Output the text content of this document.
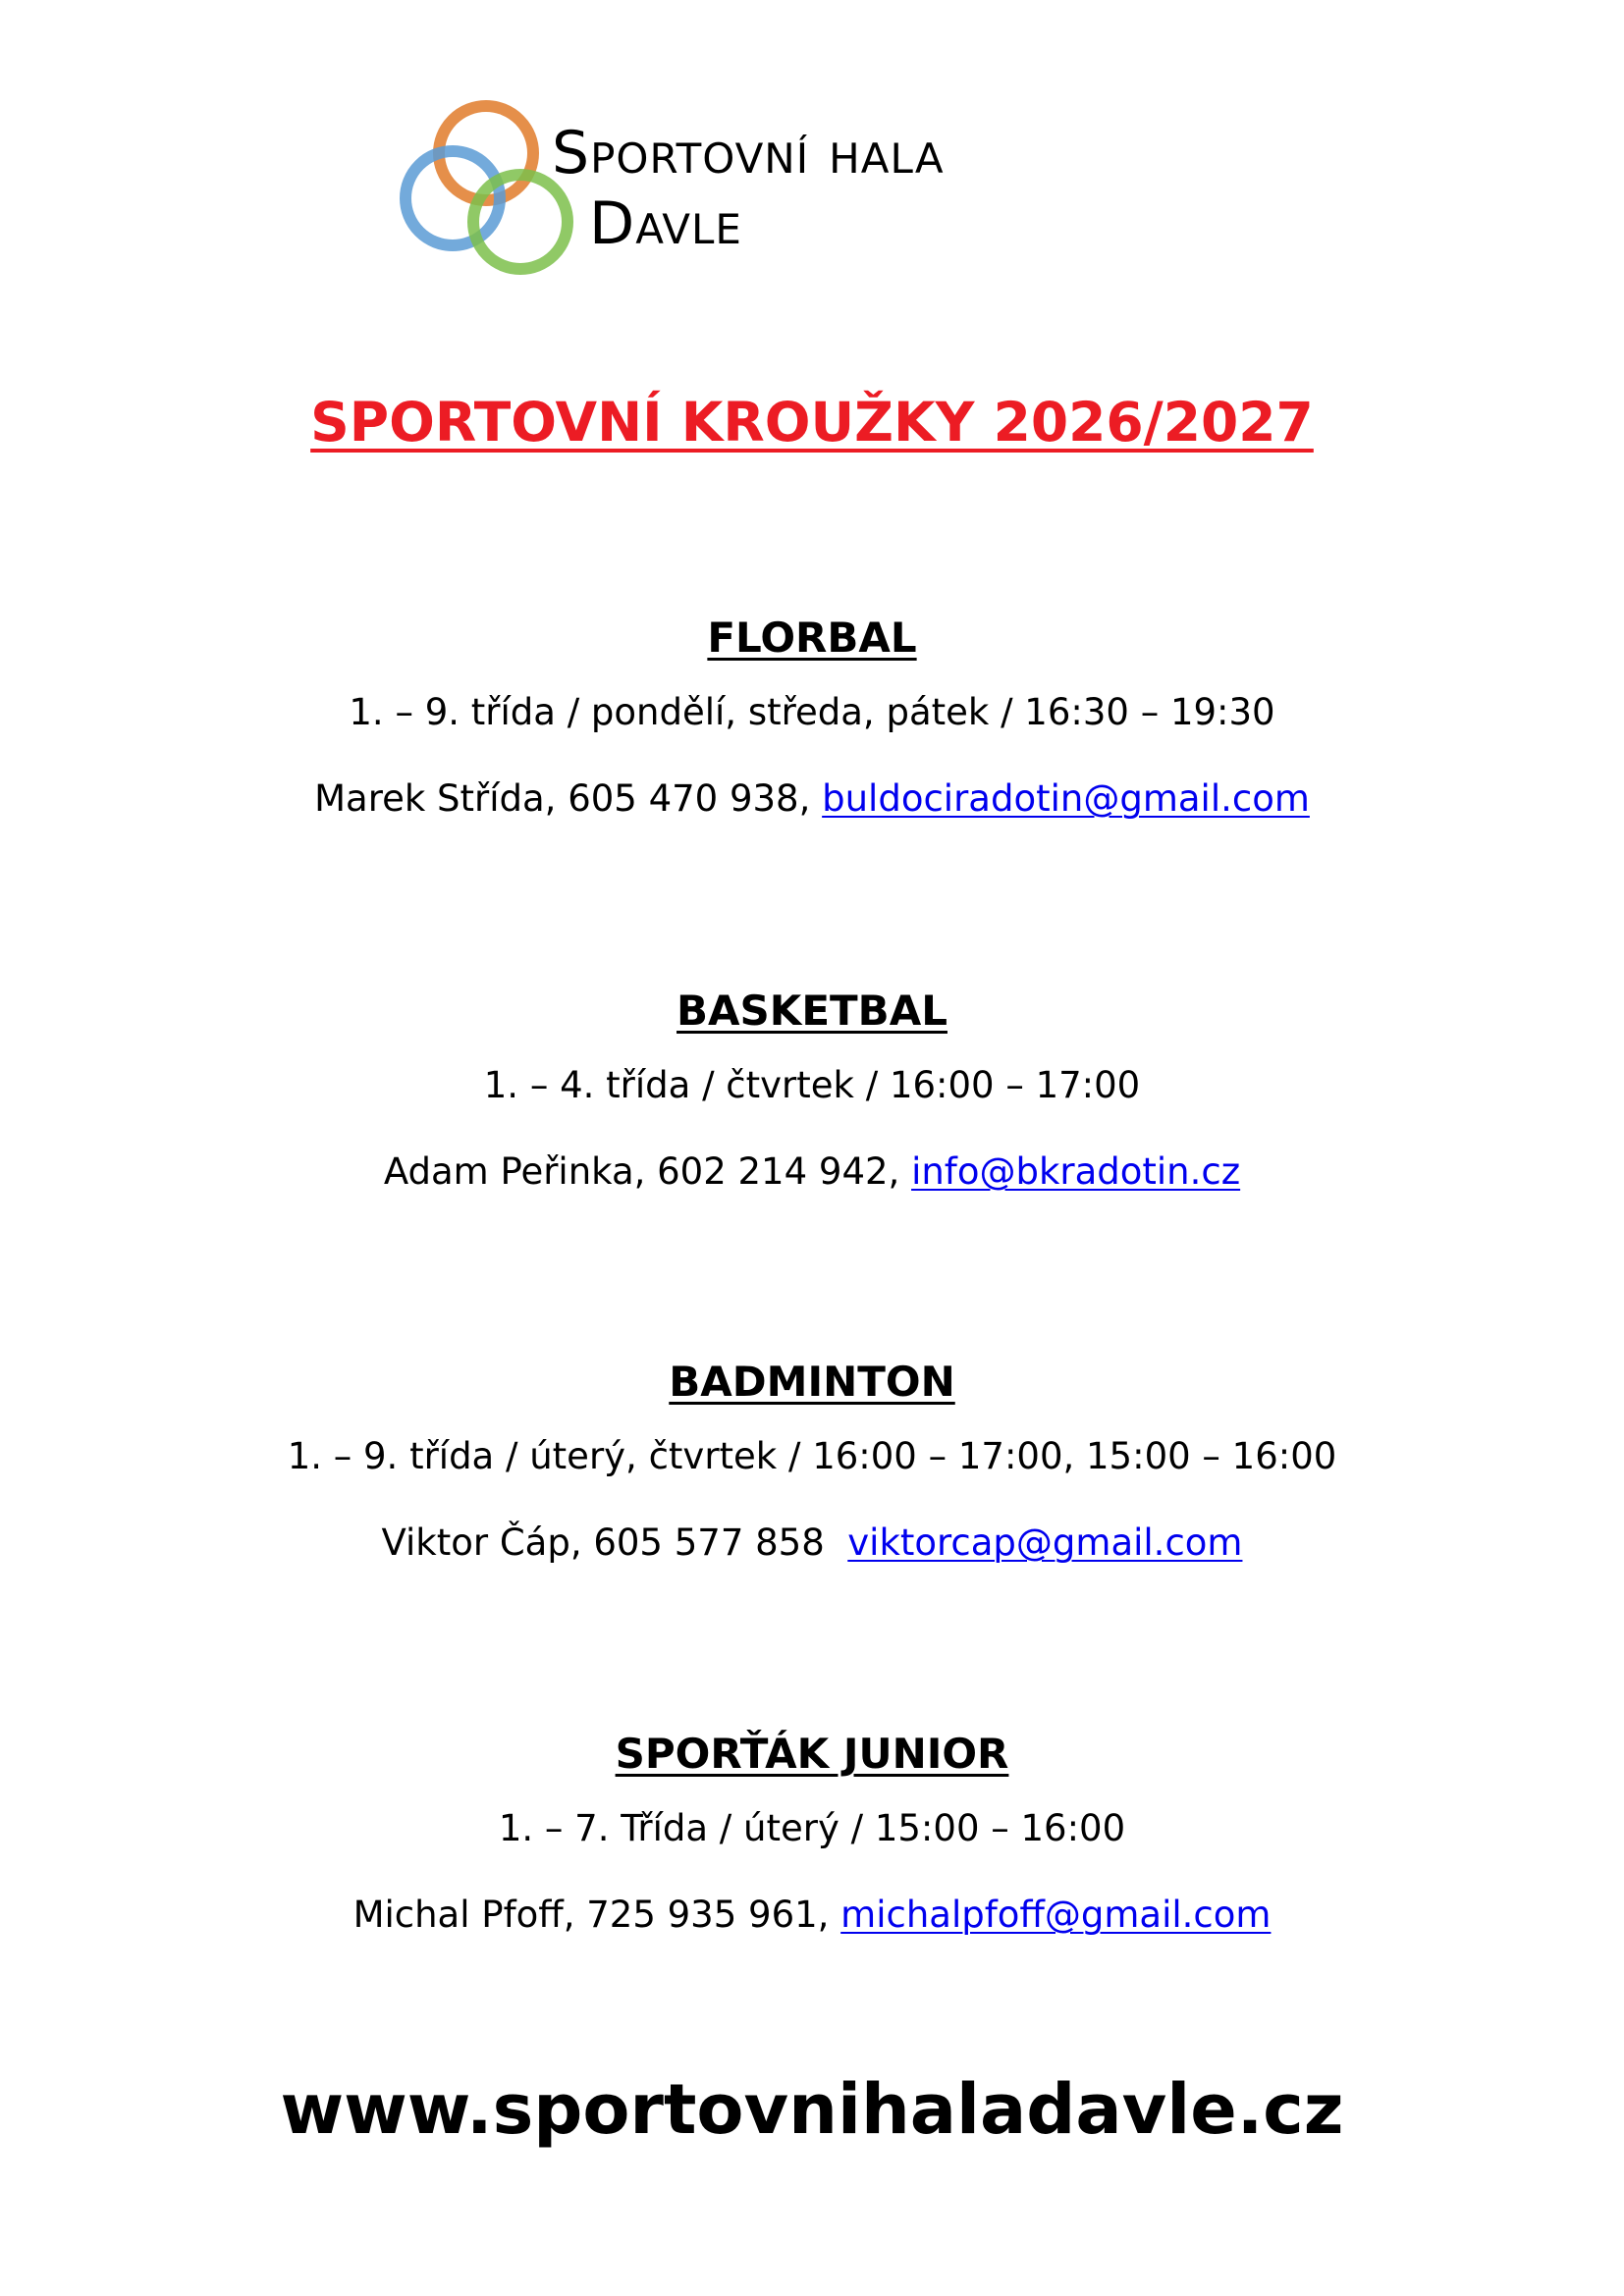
Sportovní hala
Davle
SPORTOVNÍ KROUŽKY 2026/2027
FLORBAL
1. – 9. třída / pondělí, středa, pátek / 16:30 – 19:30
Marek Střída, 605 470 938, buldociradotin@gmail.com
BASKETBAL
1. – 4. třída / čtvrtek / 16:00 – 17:00
Adam Peřinka, 602 214 942, info@bkradotin.cz
BADMINTON
1. – 9. třída / úterý, čtvrtek / 16:00 – 17:00, 15:00 – 16:00
Viktor Čáp, 605 577 858  viktorcap@gmail.com
SPORŤÁK JUNIOR
1. – 7. Třída / úterý / 15:00 – 16:00
Michal Pfoff, 725 935 961, michalpfoff@gmail.com
www.sportovnihaladavle.cz
